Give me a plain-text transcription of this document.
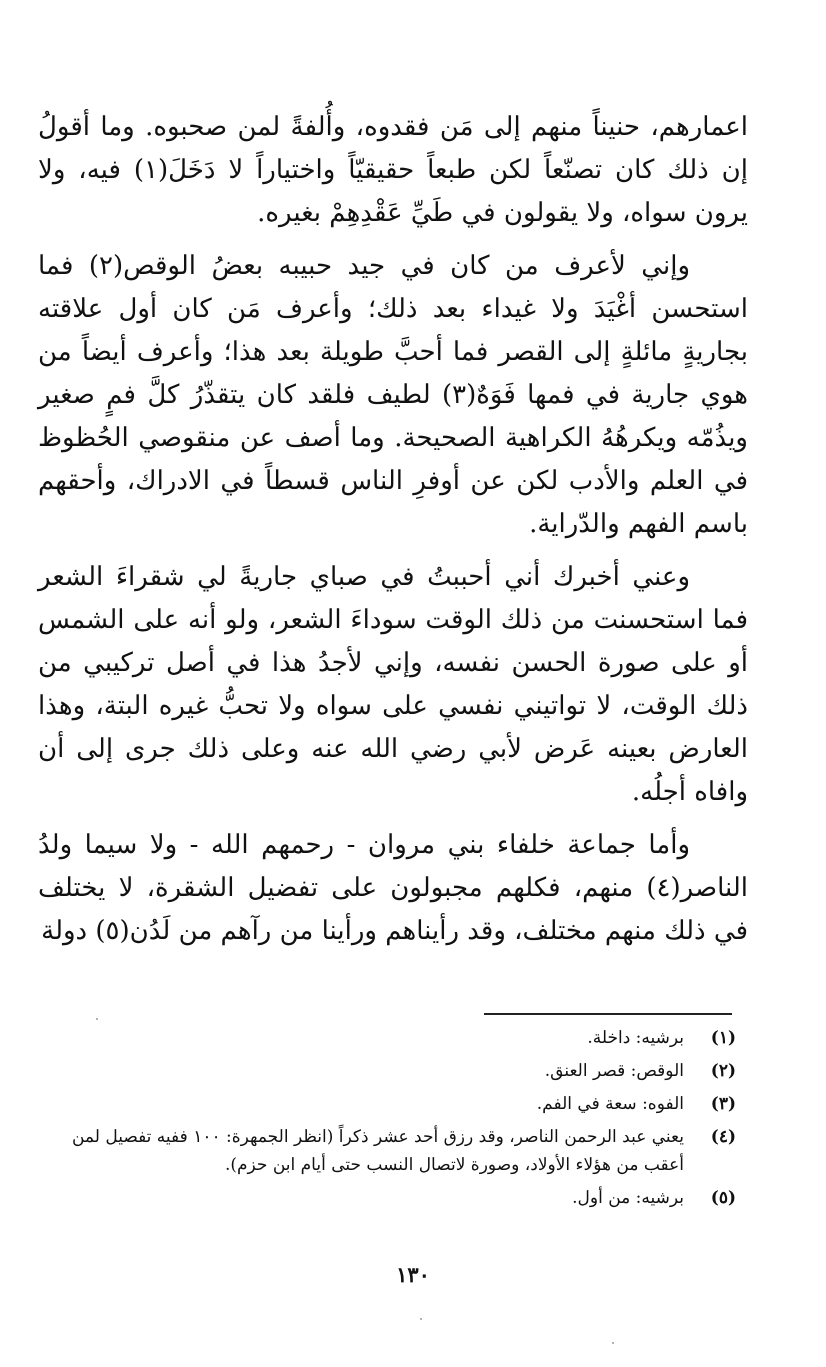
اعمارهم، حنيناً منهم إلى مَن فقدوه، وأُلفةً لمن صحبوه. وما أقولُ إن ذلك كان تصنّعاً لكن طبعاً حقيقيّاً واختياراً لا دَخَلَ(١) فيه، ولا يرون سواه، ولا يقولون في طَيِّ عَقْدِهِمْ بغيره.

وإني لأعرف من كان في جيد حبيبه بعضُ الوقص(٢) فما استحسن أغْيَدَ ولا غيداء بعد ذلك؛ وأعرف مَن كان أول علاقته بجاريةٍ مائلةٍ إلى القصر فما أحبَّ طويلة بعد هذا؛ وأعرف أيضاً من هوي جارية في فمها فَوَهٌ(٣) لطيف فلقد كان يتقذّرُ كلَّ فمٍ صغير ويذُمّه ويكرهُهُ الكراهية الصحيحة. وما أصف عن منقوصي الحُظوظ في العلم والأدب لكن عن أوفرِ الناس قسطاً في الادراك، وأحقهم باسم الفهم والدّراية.

وعني أخبرك أني أحببتُ في صباي جاريةً لي شقراءَ الشعر فما استحسنت من ذلك الوقت سوداءَ الشعر، ولو أنه على الشمس أو على صورة الحسن نفسه، وإني لأجدُ هذا في أصل تركيبي من ذلك الوقت، لا تواتيني نفسي على سواه ولا تحبُّ غيره البتة، وهذا العارض بعينه عَرض لأبي رضي الله عنه وعلى ذلك جرى إلى أن وافاه أجلُه.

وأما جماعة خلفاء بني مروان - رحمهم الله - ولا سيما ولدُ الناصر(٤) منهم، فكلهم مجبولون على تفضيل الشقرة، لا يختلف في ذلك منهم مختلف، وقد رأيناهم ورأينا من رآهم من لَدُن(٥) دولة

(١)
برشيه: داخلة.
(٢)
الوقص: قصر العنق.
(٣)
الفوه: سعة في الفم.
(٤)
يعني عبد الرحمن الناصر، وقد رزق أحد عشر ذكراً (انظر الجمهرة: ١٠٠ ففيه تفصيل لمن أعقب من هؤلاء الأولاد، وصورة لاتصال النسب حتى أيام ابن حزم).
(٥)
برشيه: من أول.
١٣٠
